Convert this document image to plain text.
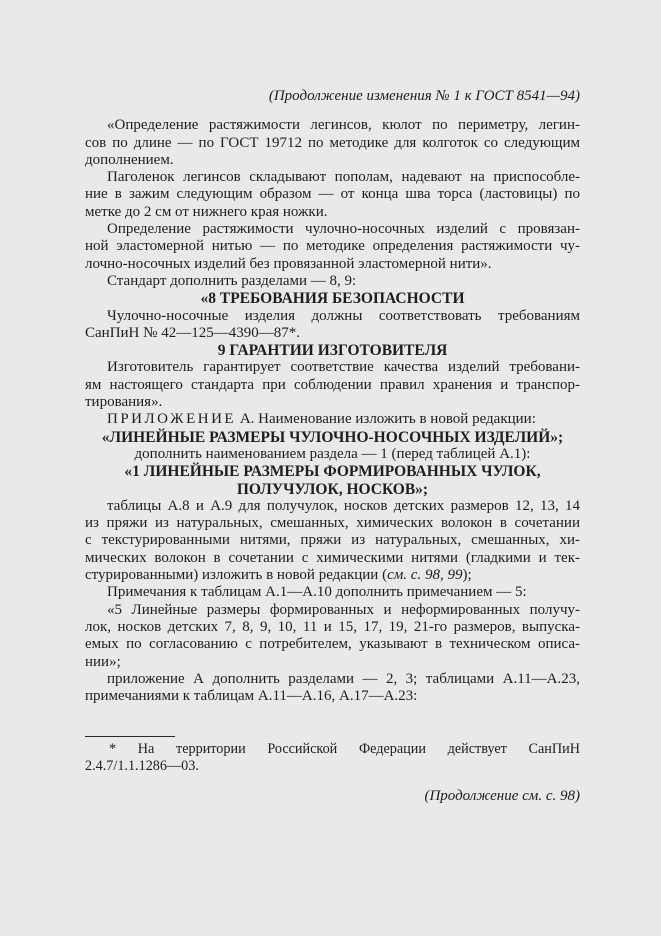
(Продолжение изменения № 1 к ГОСТ 8541—94)
«Определение растяжимости легинсов, кюлот по периметру, легин-
сов по длине — по ГОСТ 19712 по методике для колготок со следующим
дополнением.
Паголенок легинсов складывают пополам, надевают на приспособле-
ние в зажим следующим образом — от конца шва торса (ластовицы) по
метке до 2 см от нижнего края ножки.
Определение растяжимости чулочно-носочных изделий с провязан-
ной эластомерной нитью — по методике определения растяжимости чу-
лочно-носочных изделий без провязанной эластомерной нити».
Стандарт дополнить разделами — 8, 9:
«8 ТРЕБОВАНИЯ БЕЗОПАСНОСТИ
Чулочно-носочные изделия должны соответствовать требованиям
СанПиН № 42—125—4390—87*.
9 ГАРАНТИИ ИЗГОТОВИТЕЛЯ
Изготовитель гарантирует соответствие качества изделий требовани-
ям настоящего стандарта при соблюдении правил хранения и транспор-
тирования».
ПРИЛОЖЕНИЕ А. Наименование изложить в новой редакции:
«ЛИНЕЙНЫЕ РАЗМЕРЫ ЧУЛОЧНО-НОСОЧНЫХ ИЗДЕЛИЙ»;
дополнить наименованием раздела — 1 (перед таблицей А.1):
«1 ЛИНЕЙНЫЕ РАЗМЕРЫ ФОРМИРОВАННЫХ ЧУЛОК,
ПОЛУЧУЛОК, НОСКОВ»;
таблицы А.8 и А.9 для получулок, носков детских размеров 12, 13, 14
из пряжи из натуральных, смешанных, химических волокон в сочетании
с текстурированными нитями, пряжи из натуральных, смешанных, хи-
мических волокон в сочетании с химическими нитями (гладкими и тек-
стурированными) изложить в новой редакции (см. с. 98, 99);
Примечания к таблицам А.1—А.10 дополнить примечанием — 5:
«5 Линейные размеры формированных и неформированных получу-
лок, носков детских 7, 8, 9, 10, 11 и 15, 17, 19, 21-го размеров, выпуска-
емых по согласованию с потребителем, указывают в техническом описа-
нии»;
приложение А дополнить разделами — 2, 3; таблицами А.11—А.23,
примечаниями к таблицам А.11—А.16, А.17—А.23:
* На территории Российской Федерации действует СанПиН
2.4.7/1.1.1286—03.
(Продолжение см. с. 98)
